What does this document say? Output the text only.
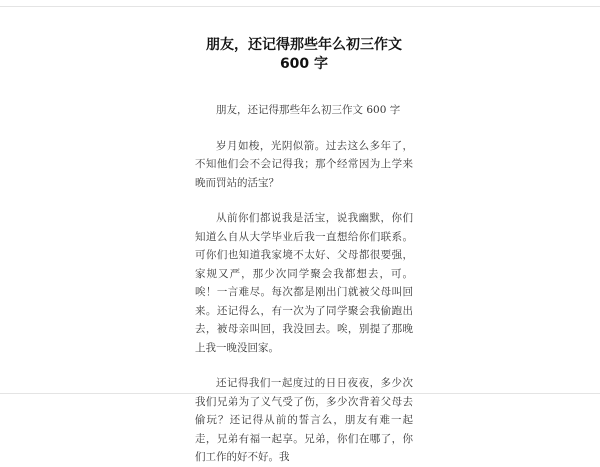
朋友，还记得那些年么初三作文 600 字

朋友，还记得那些年么初三作文 600 字

岁月如梭，光阴似箭。过去这么多年了，不知他们会不会记得我；那个经常因为上学来晚而罚站的活宝？

从前你们都说我是活宝，说我幽默，你们知道么自从大学毕业后我一直想给你们联系。可你们也知道我家境不太好、父母都很要强，家规又严，那少次同学聚会我都想去，可。唉！一言难尽。每次都是刚出门就被父母叫回来。还记得么，有一次为了同学聚会我偷跑出去，被母亲叫回，我没回去。唉，别提了那晚上我一晚没回家。

还记得我们一起度过的日日夜夜，多少次我们兄弟为了义气受了伤，多少次背着父母去偷玩？还记得从前的誓言么，朋友有难一起走，兄弟有福一起享。兄弟，你们在哪了，你们工作的好不好。我
